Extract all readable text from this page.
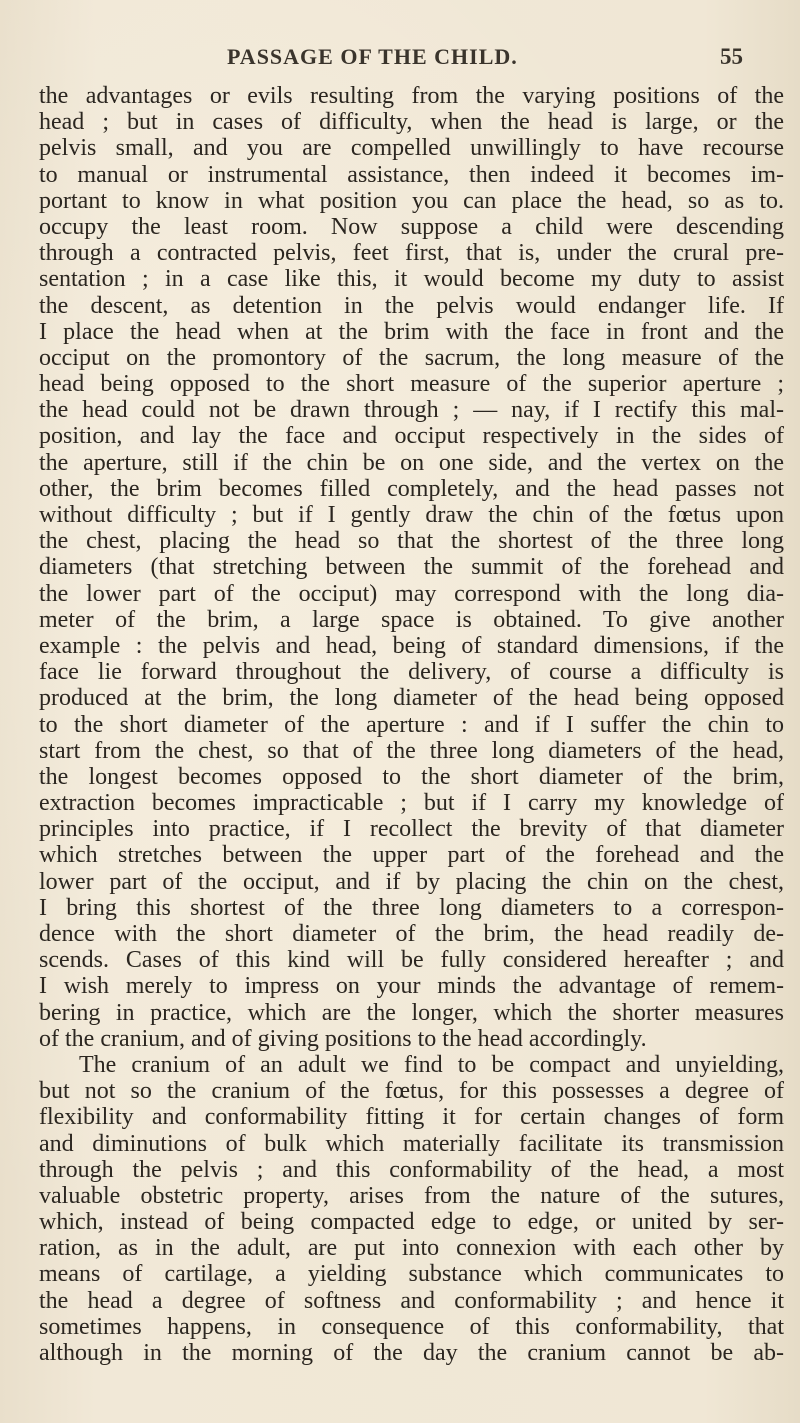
PASSAGE OF THE CHILD.	55
the advantages or evils resulting from the varying positions of the
head ; but in cases of difficulty, when the head is large, or the
pelvis small, and you are compelled unwillingly to have recourse
to manual or instrumental assistance, then indeed it becomes im-
portant to know in what position you can place the head, so as to.
occupy the least room. Now suppose a child were descending
through a contracted pelvis, feet first, that is, under the crural pre-
sentation ; in a case like this, it would become my duty to assist
the descent, as detention in the pelvis would endanger life. If
I place the head when at the brim with the face in front and the
occiput on the promontory of the sacrum, the long measure of the
head being opposed to the short measure of the superior aperture ;
the head could not be drawn through ; — nay, if I rectify this mal-
position, and lay the face and occiput respectively in the sides of
the aperture, still if the chin be on one side, and the vertex on the
other, the brim becomes filled completely, and the head passes not
without difficulty ; but if I gently draw the chin of the fœtus upon
the chest, placing the head so that the shortest of the three long
diameters (that stretching between the summit of the forehead and
the lower part of the occiput) may correspond with the long dia-
meter of the brim, a large space is obtained. To give another
example : the pelvis and head, being of standard dimensions, if the
face lie forward throughout the delivery, of course a difficulty is
produced at the brim, the long diameter of the head being opposed
to the short diameter of the aperture : and if I suffer the chin to
start from the chest, so that of the three long diameters of the head,
the longest becomes opposed to the short diameter of the brim,
extraction becomes impracticable ; but if I carry my knowledge of
principles into practice, if I recollect the brevity of that diameter
which stretches between the upper part of the forehead and the
lower part of the occiput, and if by placing the chin on the chest,
I bring this shortest of the three long diameters to a correspon-
dence with the short diameter of the brim, the head readily de-
scends. Cases of this kind will be fully considered hereafter ; and
I wish merely to impress on your minds the advantage of remem-
bering in practice, which are the longer, which the shorter measures
of the cranium, and of giving positions to the head accordingly.
The cranium of an adult we find to be compact and unyielding,
but not so the cranium of the fœtus, for this possesses a degree of
flexibility and conformability fitting it for certain changes of form
and diminutions of bulk which materially facilitate its transmission
through the pelvis ; and this conformability of the head, a most
valuable obstetric property, arises from the nature of the sutures,
which, instead of being compacted edge to edge, or united by ser-
ration, as in the adult, are put into connexion with each other by
means of cartilage, a yielding substance which communicates to
the head a degree of softness and conformability ; and hence it
sometimes happens, in consequence of this conformability, that
although in the morning of the day the cranium cannot be ab-
